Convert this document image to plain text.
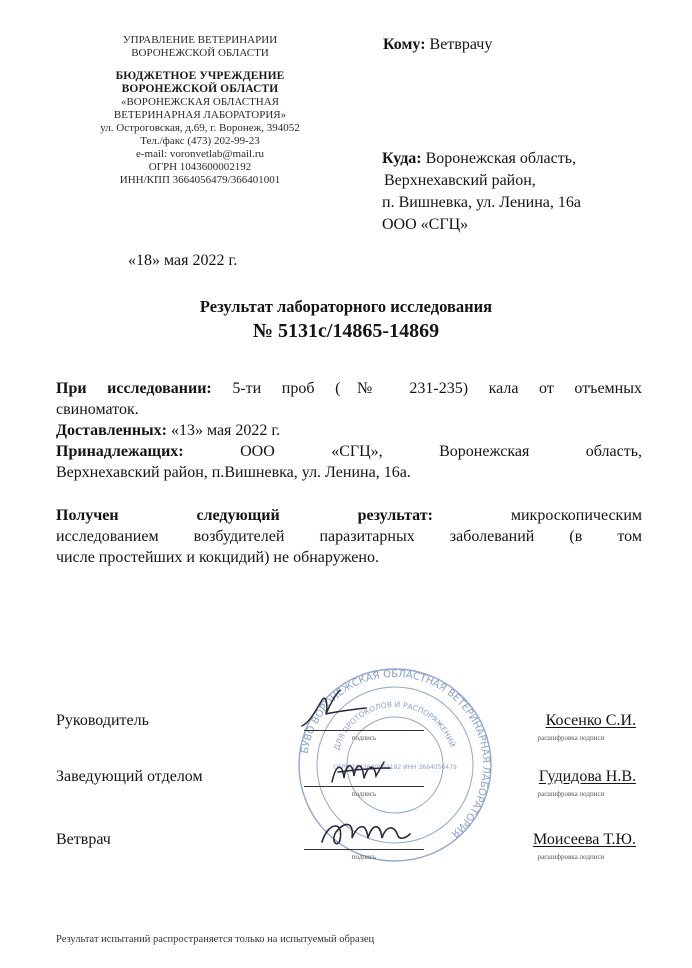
УПРАВЛЕНИЕ ВЕТЕРИНАРИИ
ВОРОНЕЖСКОЙ ОБЛАСТИ
БЮДЖЕТНОЕ УЧРЕЖДЕНИЕ
ВОРОНЕЖСКОЙ ОБЛАСТИ
«ВОРОНЕЖСКАЯ ОБЛАСТНАЯ
ВЕТЕРИНАРНАЯ ЛАБОРАТОРИЯ»
ул. Остроговская, д.69, г. Воронеж, 394052
Тел./факс (473) 202-99-23
e-mail: voronvetlab@mail.ru
ОГРН 1043600002192
ИНН/КПП 3664056479/366401001
«18» мая 2022 г.
Кому: Ветврачу
Куда: Воронежская область,
Верхнехавский район,
п. Вишневка, ул. Ленина, 16а
ООО «СГЦ»
Результат лабораторного исследования
№ 5131с/14865-14869
При исследовании: 5-ти проб (№ 231-235) кала от отъемных
свиноматок.
Доставленных: «13» мая 2022 г.
Принадлежащих:	ООО «СГЦ», Воронежская область,
Верхнехавский район, п.Вишневка, ул. Ленина, 16а.
Получен следующий результат:	микроскопическим
исследованием возбудителей паразитарных заболеваний (в том
числе простейших и кокцидий) не обнаружено.
БУВО ВОРОНЕЖСКАЯ ОБЛАСТНАЯ ВЕТЕРИНАРНАЯ ЛАБОРАТОРИЯ
ДЛЯ ПРОТОКОЛОВ И РАСПОРЯЖЕНИЙ
ОГРН 1043600002192 ИНН 3664056479
Руководитель
подпись
Косенко С.И.
расшифровка подписи
Заведующий отделом
подпись
Гудидова Н.В.
расшифровка подписи
Ветврач
подпись
Моисеева Т.Ю.
расшифровка подписи
Результат испытаний распространяется только на испытуемый образец
